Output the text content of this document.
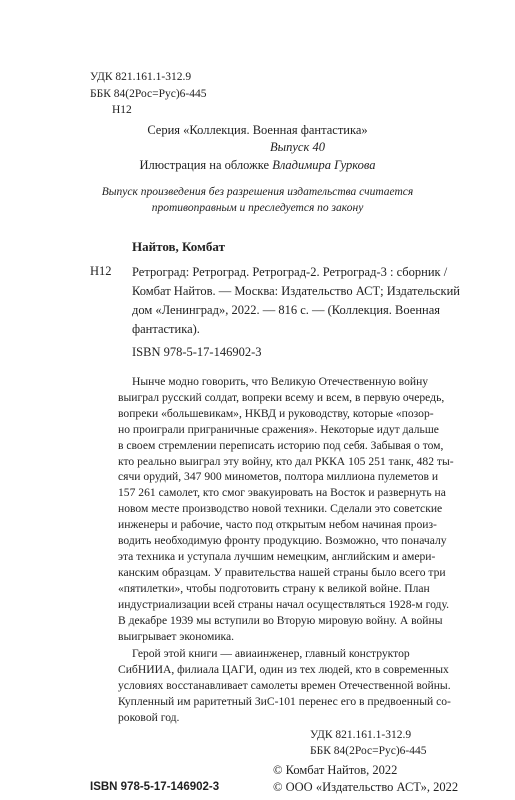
УДК 821.161.1-312.9
ББК 84(2Рос=Рус)6-445
Н12
Серия «Коллекция. Военная фантастика»
Выпуск 40
Илюстрация на обложке Владимира Гуркова
Выпуск произведения без разрешения издательства считается
противоправным и преследуется по закону
Найтов, Комбат
Н12 Ретроград: Ретроград. Ретроград-2. Ретроград-3 : сборник /
Комбат Найтов. — Москва: Издательство АСТ; Издательский
дом «Ленинград», 2022. — 816 с. — (Коллекция. Военная
фантастика).
ISBN 978-5-17-146902-3
Нынче модно говорить, что Великую Отечественную войну
выиграл русский солдат, вопреки всему и всем, в первую очередь,
вопреки «большевикам», НКВД и руководству, которые «позор-
но проиграли приграничные сражения». Некоторые идут дальше
в своем стремлении переписать историю под себя. Забывая о том,
кто реально выиграл эту войну, кто дал РККА 105 251 танк, 482 ты-
сячи орудий, 347 900 минометов, полтора миллиона пулеметов и
157 261 самолет, кто смог эвакуировать на Восток и развернуть на
новом месте производство новой техники. Сделали это советские
инженеры и рабочие, часто под открытым небом начиная произ-
водить необходимую фронту продукцию. Возможно, что поначалу
эта техника и уступала лучшим немецким, английским и амери-
канским образцам. У правительства нашей страны было всего три
«пятилетки», чтобы подготовить страну к великой войне. План
индустриализации всей страны начал осуществляться 1928-м году.
В декабре 1939 мы вступили во Вторую мировую войну. А войны
выигрывает экономика.
Герой этой книги — авиаинженер, главный конструктор
СибНИИА, филиала ЦАГИ, один из тех людей, кто в современных
условиях восстанавливает самолеты времен Отечественной войны.
Купленный им раритетный ЗиС-101 перенес его в предвоенный со-
роковой год.
УДК 821.161.1-312.9
ББК 84(2Рос=Рус)6-445
ISBN 978-5-17-146902-3
© Комбат Найтов, 2022
© ООО «Издательство АСТ», 2022
